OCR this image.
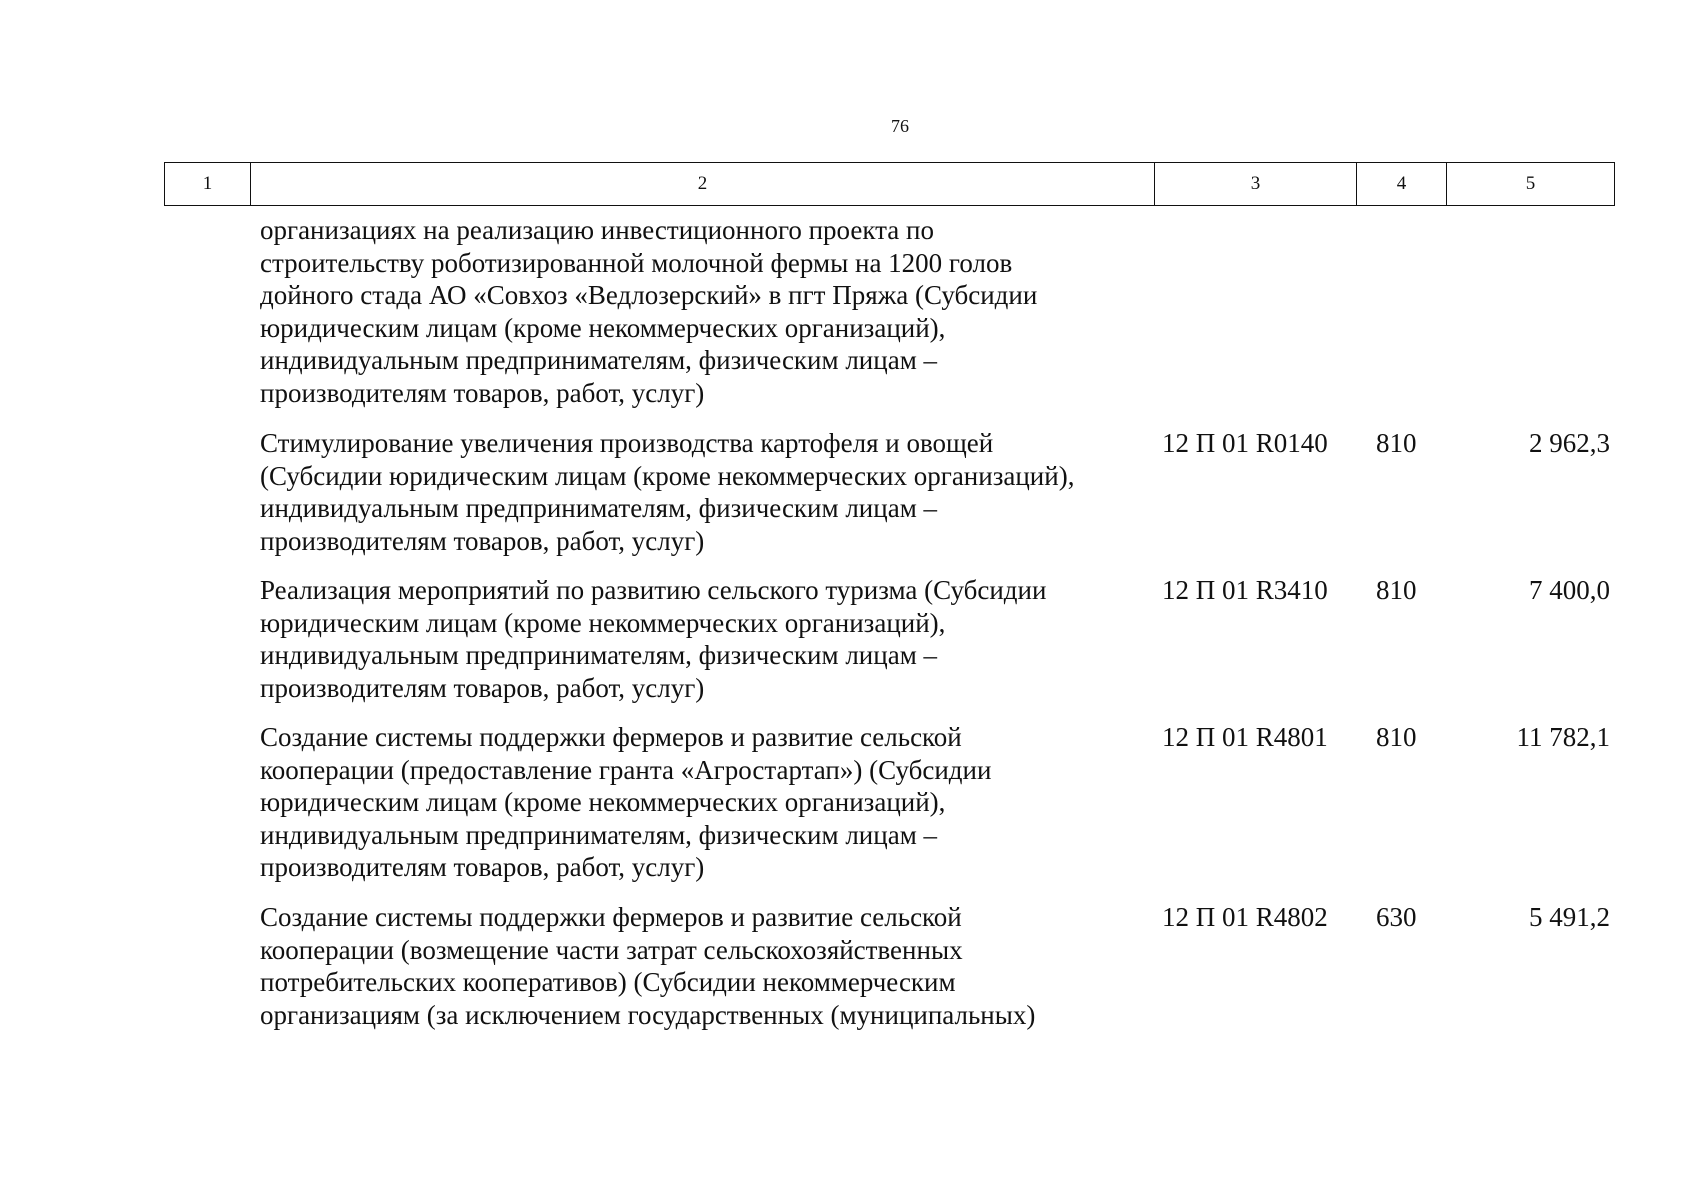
76
1	2	3	4	5
организациях на реализацию инвестиционного проекта по
строительству роботизированной молочной фермы на 1200 голов
дойного стада АО «Совхоз «Ведлозерский» в пгт Пряжа (Субсидии
юридическим лицам (кроме некоммерческих организаций),
индивидуальным предпринимателям, физическим лицам –
производителям товаров, работ, услуг)
Стимулирование увеличения производства картофеля и овощей
(Субсидии юридическим лицам (кроме некоммерческих организаций),
индивидуальным предпринимателям, физическим лицам –
производителям товаров, работ, услуг)
12 П 01 R0140 810	2 962,3
Реализация мероприятий по развитию сельского туризма (Субсидии
юридическим лицам (кроме некоммерческих организаций),
индивидуальным предпринимателям, физическим лицам –
производителям товаров, работ, услуг)
12 П 01 R3410 810	7 400,0
Создание системы поддержки фермеров и развитие сельской
кооперации (предоставление гранта «Агростартап») (Субсидии
юридическим лицам (кроме некоммерческих организаций),
индивидуальным предпринимателям, физическим лицам –
производителям товаров, работ, услуг)
12 П 01 R4801 810	11 782,1
Создание системы поддержки фермеров и развитие сельской
кооперации (возмещение части затрат сельскохозяйственных
потребительских кооперативов) (Субсидии некоммерческим
организациям (за исключением государственных (муниципальных)
12 П 01 R4802 630	5 491,2
